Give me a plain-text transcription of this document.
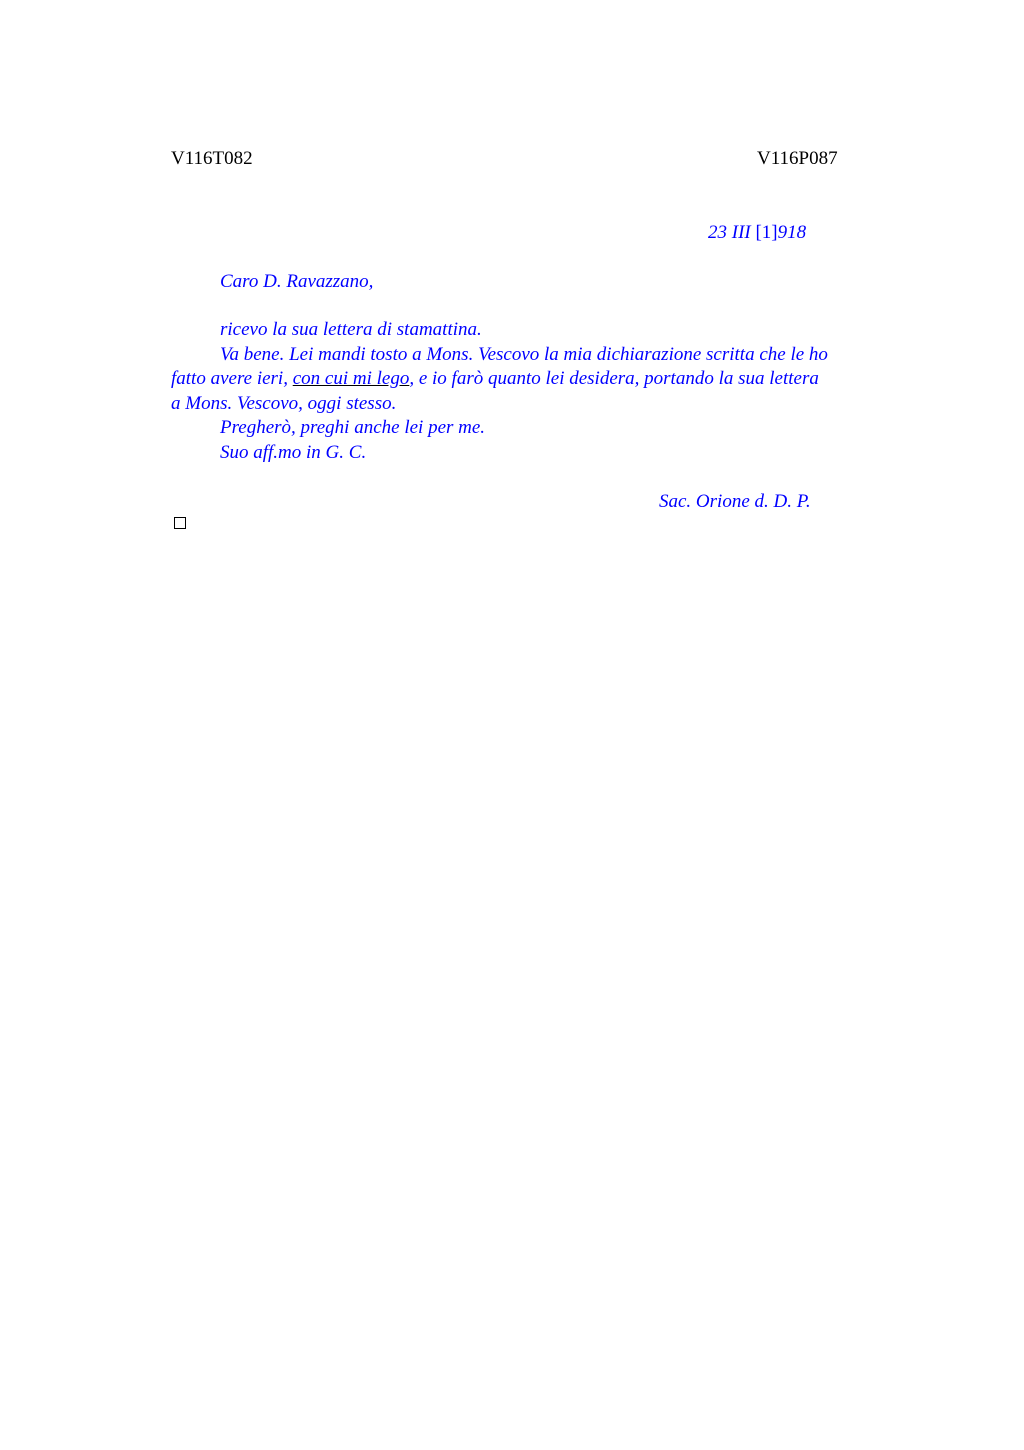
V116T082	V116P087
23 III [1]918
Caro D. Ravazzano,
ricevo la sua lettera di stamattina.
Va bene. Lei mandi tosto a Mons. Vescovo la mia dichiarazione scritta che le ho
fatto avere ieri, con cui mi lego, e io farò quanto lei desidera, portando la sua lettera
a Mons. Vescovo, oggi stesso.
Pregherò, preghi anche lei per me.
Suo aff.mo in G. C.
Sac. Orione d. D. P.
